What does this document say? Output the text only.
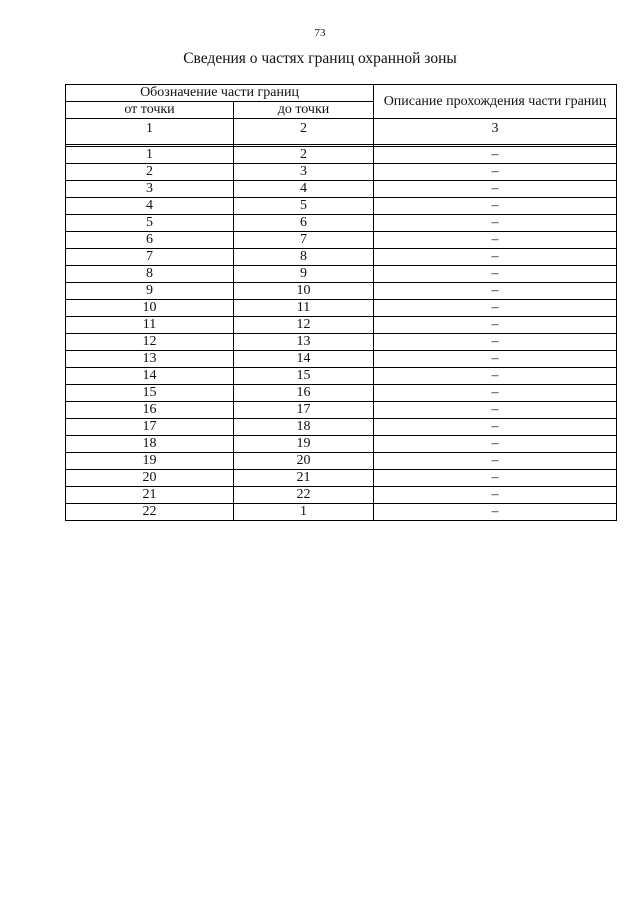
73
Сведения о частях границ охранной зоны
Обозначение части границ		Описание прохождения части границ
от точки	до точки	
1	2	3

1	2	–
2	3	–
3	4	–
4	5	–
5	6	–
6	7	–
7	8	–
8	9	–
9	10	–
10	11	–
11	12	–
12	13	–
13	14	–
14	15	–
15	16	–
16	17	–
17	18	–
18	19	–
19	20	–
20	21	–
21	22	–
22	1	–
